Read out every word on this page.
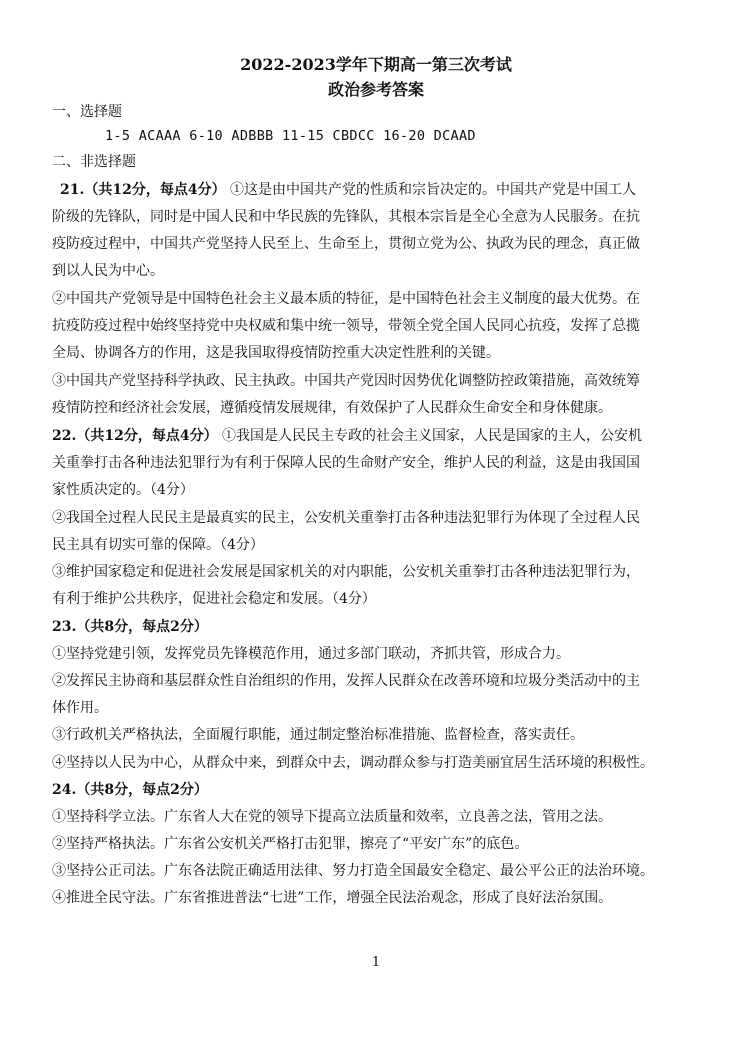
2022-2023学年下期高一第三次考试
政治参考答案
一、选择题
1-5 ACAAA 6-10 ADBBB 11-15 CBDCC 16-20 DCAAD
二、非选择题
21.（共12分，每点4分） ①这是由中国共产党的性质和宗旨决定的。中国共产党是中国工人
阶级的先锋队，同时是中国人民和中华民族的先锋队，其根本宗旨是全心全意为人民服务。在抗
疫防疫过程中，中国共产党坚持人民至上、生命至上，贯彻立党为公、执政为民的理念，真正做
到以人民为中心。
②中国共产党领导是中国特色社会主义最本质的特征，是中国特色社会主义制度的最大优势。在
抗疫防疫过程中始终坚持党中央权威和集中统一领导，带领全党全国人民同心抗疫，发挥了总揽
全局、协调各方的作用，这是我国取得疫情防控重大决定性胜利的关键。
③中国共产党坚持科学执政、民主执政。中国共产党因时因势优化调整防控政策措施，高效统筹
疫情防控和经济社会发展，遵循疫情发展规律，有效保护了人民群众生命安全和身体健康。
22.（共12分，每点4分） ①我国是人民民主专政的社会主义国家，人民是国家的主人，公安机
关重拳打击各种违法犯罪行为有利于保障人民的生命财产安全，维护人民的利益，这是由我国国
家性质决定的。（4分）
②我国全过程人民民主是最真实的民主，公安机关重拳打击各种违法犯罪行为体现了全过程人民
民主具有切实可靠的保障。（4分）
③维护国家稳定和促进社会发展是国家机关的对内职能，公安机关重拳打击各种违法犯罪行为，
有利于维护公共秩序，促进社会稳定和发展。（4分）
23.（共8分，每点2分）
①坚持党建引领，发挥党员先锋模范作用，通过多部门联动，齐抓共管，形成合力。
②发挥民主协商和基层群众性自治组织的作用，发挥人民群众在改善环境和垃圾分类活动中的主
体作用。
③行政机关严格执法，全面履行职能，通过制定整治标准措施、监督检查，落实责任。
④坚持以人民为中心，从群众中来，到群众中去，调动群众参与打造美丽宜居生活环境的积极性。
24.（共8分，每点2分）
①坚持科学立法。广东省人大在党的领导下提高立法质量和效率，立良善之法，管用之法。
②坚持严格执法。广东省公安机关严格打击犯罪，擦亮了“平安广东”的底色。
③坚持公正司法。广东各法院正确适用法律、努力打造全国最安全稳定、最公平公正的法治环境。
④推进全民守法。广东省推进普法“七进”工作，增强全民法治观念，形成了良好法治氛围。
1
